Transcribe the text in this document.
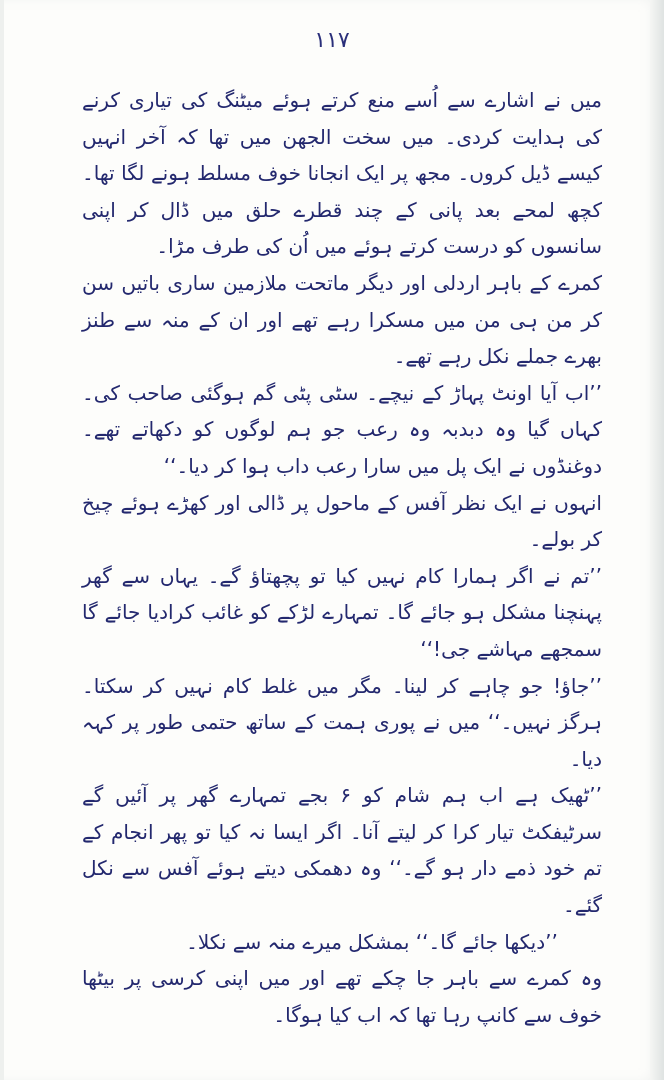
۱۱۷

میں نے اشارے سے اُسے منع کرتے ہوئے میٹنگ کی تیاری کرنے کی ہدایت کردی۔ میں سخت الجھن میں تھا کہ آخر انہیں کیسے ڈیل کروں۔ مجھ پر ایک انجانا خوف مسلط ہونے لگا تھا۔ کچھ لمحے بعد پانی کے چند قطرے حلق میں ڈال کر اپنی سانسوں کو درست کرتے ہوئے میں اُن کی طرف مڑا۔

کمرے کے باہر اردلی اور دیگر ماتحت ملازمین ساری باتیں سن کر من ہی من میں مسکرا رہے تھے اور ان کے منہ سے طنز بھرے جملے نکل رہے تھے۔

’’اب آیا اونٹ پہاڑ کے نیچے۔ سٹی پٹی گم ہوگئی صاحب کی۔ کہاں گیا وہ دبدبہ وہ رعب جو ہم لوگوں کو دکھاتے تھے۔ دوغنڈوں نے ایک پل میں سارا رعب داب ہوا کر دیا۔‘‘

انہوں نے ایک نظر آفس کے ماحول پر ڈالی اور کھڑے ہوئے چیخ کر بولے۔

’’تم نے اگر ہمارا کام نہیں کیا تو پچھتاؤ گے۔ یہاں سے گھر پہنچنا مشکل ہو جائے گا۔ تمہارے لڑکے کو غائب کرادیا جائے گا سمجھے مہاشے جی!‘‘

’’جاؤ! جو چاہے کر لینا۔ مگر میں غلط کام نہیں کر سکتا۔ ہرگز نہیں۔‘‘ میں نے پوری ہمت کے ساتھ حتمی طور پر کہہ دیا۔

’’ٹھیک ہے اب ہم شام کو ۶ بجے تمہارے گھر پر آئیں گے سرٹیفکٹ تیار کرا کر لیتے آنا۔ اگر ایسا نہ کیا تو پھر انجام کے تم خود ذمے دار ہو گے۔‘‘ وہ دھمکی دیتے ہوئے آفس سے نکل گئے۔

’’دیکھا جائے گا۔‘‘ بمشکل میرے منہ سے نکلا۔

وہ کمرے سے باہر جا چکے تھے اور میں اپنی کرسی پر بیٹھا خوف سے کانپ رہا تھا کہ اب کیا ہوگا۔
